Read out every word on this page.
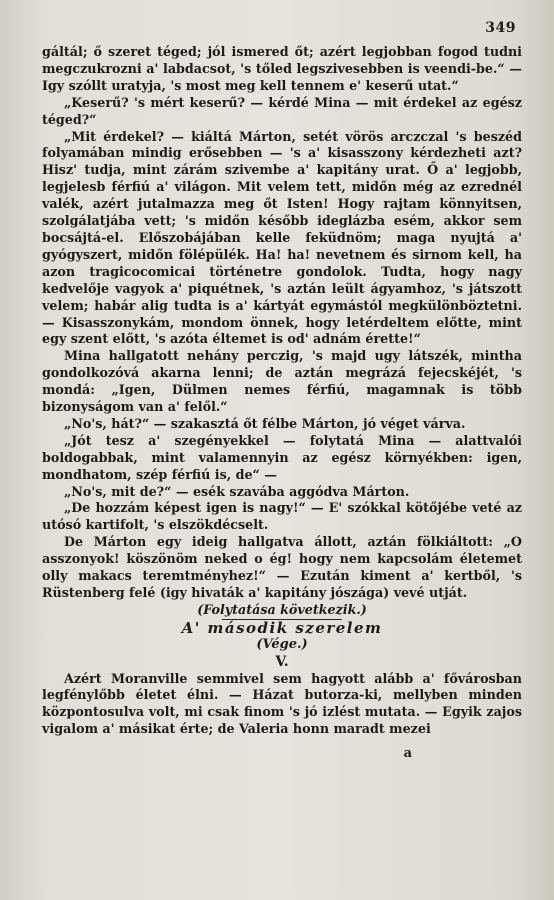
349

gáltál; ő szeret téged; jól ismered őt; azért legjobban fogod tudni megczukrozni a' labdacsot, 's tőled legszivesebben is veendi-be.“ — Igy szóllt uratyja, 's most meg kell tennem e' keserű utat.“

„Keserű? 's mért keserű? — kérdé Mina — mit érdekel az egész téged?“

„Mit érdekel? — kiáltá Márton, setét vörös arczczal 's beszéd folyamában mindig erősebben — 's a' kisasszony kérdezheti azt? Hisz' tudja, mint zárám szivembe a' kapitány urat. Ő a' legjobb, legjelesb férfiú a' világon. Mit velem tett, midőn még az ezrednél valék, azért jutalmazza meg őt Isten! Hogy rajtam könnyitsen, szolgálatjába vett; 's midőn később ideglázba esém, akkor sem bocsájtá-el. Előszobájában kelle feküdnöm; maga nyujtá a' gyógyszert, midőn fölépülék. Ha! ha! nevetnem és sirnom kell, ha azon tragicocomicai történetre gondolok. Tudta, hogy nagy kedvelője vagyok a' piquétnek, 's aztán leült ágyamhoz, 's játszott velem; habár alig tudta is a' kártyát egymástól megkülönböztetni. — Kisasszonykám, mondom önnek, hogy letérdeltem előtte, mint egy szent előtt, 's azóta éltemet is od' adnám érette!“

Mina hallgatott nehány perczig, 's majd ugy látszék, mintha gondolkozóvá akarna lenni; de aztán megrázá fejecskéjét, 's mondá: „Igen, Dülmen nemes férfiú, magamnak is több bizonyságom van a' felől.“

„No's, hát?“ — szakasztá őt félbe Márton, jó véget várva.

„Jót tesz a' szegényekkel — folytatá Mina — alattvalói boldogabbak, mint valamennyin az egész környékben: igen, mondhatom, szép férfiú is, de“ —

„No's, mit de?“ — esék szavába aggódva Márton.

„De hozzám képest igen is nagy!“ — E' szókkal kötőjébe veté az utósó kartifolt, 's elszökdécselt.

De Márton egy ideig hallgatva állott, aztán fölkiáltott: „O asszonyok! köszönöm neked o ég! hogy nem kapcsolám életemet olly makacs teremtményhez!“ — Ezután kiment a' kertből, 's Rüstenberg felé (igy hivaták a' kapitány jószága) vevé utját.

(Folytatása következik.)

A' második szerelem

(Vége.)

V.

Azért Moranville semmivel sem hagyott alább a' fővárosban legfénylőbb életet élni. — Házat butorza-ki, mellyben minden központosulva volt, mi csak finom 's jó izlést mutata. — Egyik zajos vigalom a' másikat érte; de Valeria honn maradt mezei

a
